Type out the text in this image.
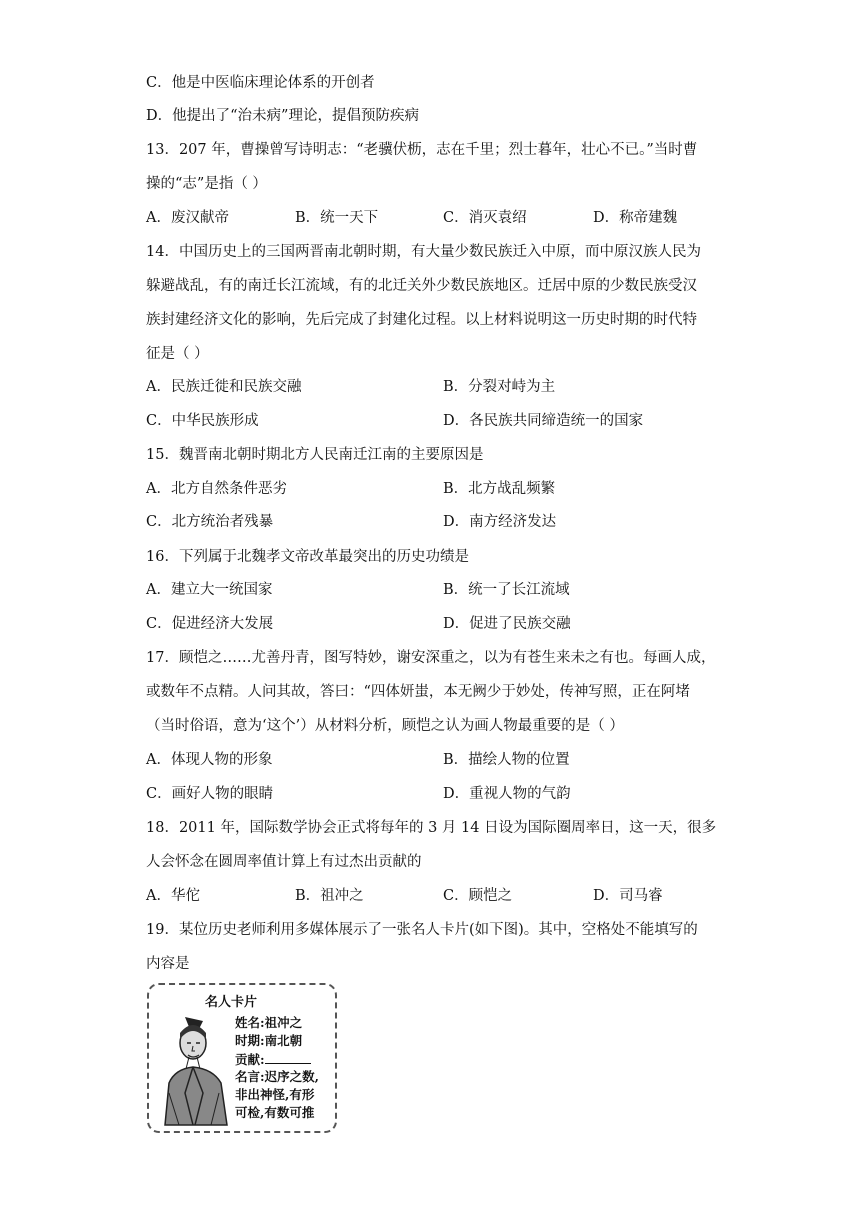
C．他是中医临床理论体系的开创者
D．他提出了“治未病”理论，提倡预防疾病
13．207 年，曹操曾写诗明志：“老骥伏枥，志在千里；烈士暮年，壮心不已。”当时曹
操的“志”是指（ ）
A．废汉献帝	B．统一天下	C．消灭袁绍	D．称帝建魏
14．中国历史上的三国两晋南北朝时期，有大量少数民族迁入中原，而中原汉族人民为
躲避战乱，有的南迁长江流域，有的北迁关外少数民族地区。迁居中原的少数民族受汉
族封建经济文化的影响，先后完成了封建化过程。以上材料说明这一历史时期的时代特
征是（ ）
A．民族迁徙和民族交融	B．分裂对峙为主
C．中华民族形成	D．各民族共同缔造统一的国家
15．魏晋南北朝时期北方人民南迁江南的主要原因是
A．北方自然条件恶劣	B．北方战乱频繁
C．北方统治者残暴	D．南方经济发达
16．下列属于北魏孝文帝改革最突出的历史功绩是
A．建立大一统国家	B．统一了长江流域
C．促进经济大发展	D．促进了民族交融
17．顾恺之……尤善丹青，图写特妙，谢安深重之，以为有苍生来未之有也。每画人成，
或数年不点精。人问其故，答曰：“四体妍蚩，本无阙少于妙处，传神写照，正在阿堵
（当时俗语，意为‘这个’）从材料分析，顾恺之认为画人物最重要的是（ ）
A．体现人物的形象	B．描绘人物的位置
C．画好人物的眼睛	D．重视人物的气韵
18．2011 年，国际数学协会正式将每年的 3 月 14 日设为国际圈周率日，这一天，很多
人会怀念在圆周率值计算上有过杰出贡献的
A．华佗	B．祖冲之	C．顾恺之	D．司马睿
19．某位历史老师利用多媒体展示了一张名人卡片(如下图)。其中，空格处不能填写的
内容是
名人卡片
姓名:祖冲之
时期:南北朝
贡献:
名言:迟序之数,
非出神怪,有形
可检,有数可推
